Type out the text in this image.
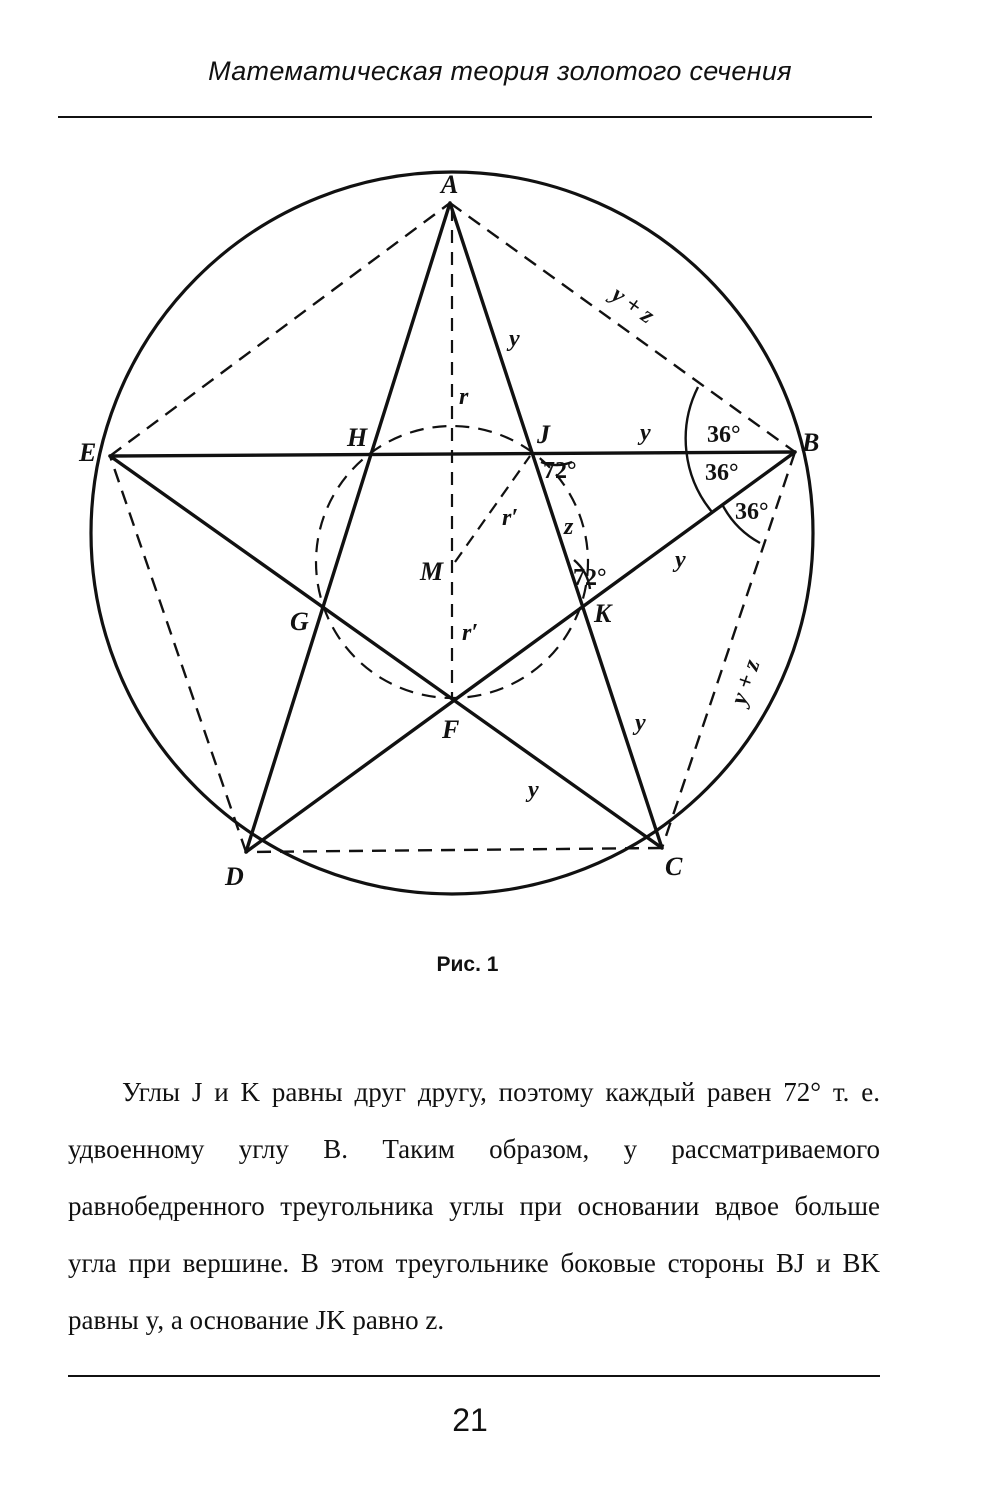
Математическая теория золотого сечения
A
B
C
D
E
F
G
H	J
K
M
y
y
y
y
y
y + z
y + z
r
r′
r′
z
36°
36°
36°
72°
72°
Рис. 1

Углы J и K равны друг другу, поэтому каждый равен 72° т. е. удвоенному углу B. Таким образом, у рассматриваемого равнобедренного треугольника углы при основании вдвое больше угла при вершине. В этом треугольнике боковые стороны BJ и BK равны y, а основание JK равно z.

21
